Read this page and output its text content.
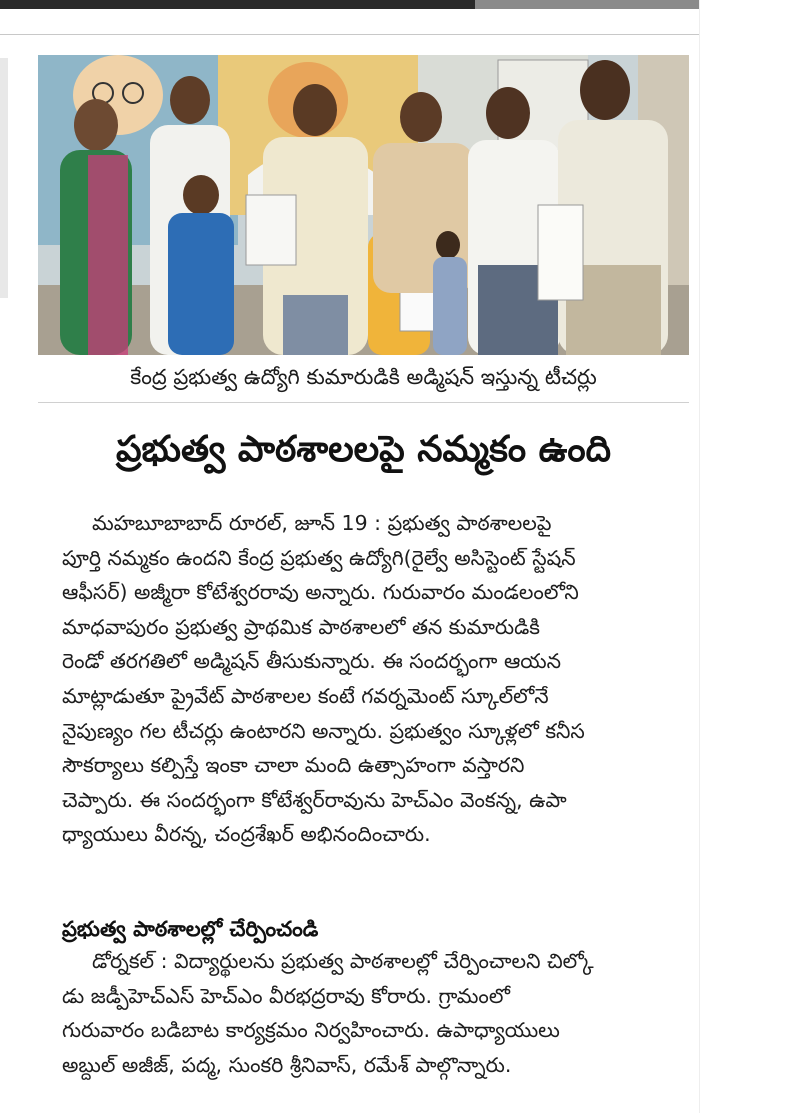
కేంద్ర ప్రభుత్వ ఉద్యోగి కుమారుడికి అడ్మిషన్ ఇస్తున్న టీచర్లు
ప్రభుత్వ పాఠశాలలపై నమ్మకం ఉంది
మహబూబాబాద్ రూరల్, జూన్ 19 : ప్రభుత్వ పాఠశాలలపై
పూర్తి నమ్మకం ఉందని కేంద్ర ప్రభుత్వ ఉద్యోగి(రైల్వే అసిస్టెంట్ స్టేషన్
ఆఫీసర్) అజ్మీరా కోటేశ్వరరావు అన్నారు. గురువారం మండలంలోని
మాధవాపురం ప్రభుత్వ ప్రాథమిక పాఠశాలలో తన కుమారుడికి
రెండో తరగతిలో అడ్మిషన్ తీసుకున్నారు. ఈ సందర్భంగా ఆయన
మాట్లాడుతూ ప్రైవేట్ పాఠశాలల కంటే గవర్నమెంట్ స్కూల్‌లోనే
నైపుణ్యం గల టీచర్లు ఉంటారని అన్నారు. ప్రభుత్వం స్కూళ్లలో కనీస
సౌకర్యాలు కల్పిస్తే ఇంకా చాలా మంది ఉత్సాహంగా వస్తారని
చెప్పారు. ఈ సందర్భంగా కోటేశ్వర్‌రావును హెచ్ఎం వెంకన్న, ఉపా
ధ్యాయులు వీరన్న, చంద్రశేఖర్ అభినందించారు.
ప్రభుత్వ పాఠశాలల్లో చేర్పించండి
డోర్నకల్ : విద్యార్థులను ప్రభుత్వ పాఠశాలల్లో చేర్పించాలని చిల్కో
డు జడ్పీహెచ్ఎస్ హెచ్ఎం వీరభద్రరావు కోరారు. గ్రామంలో
గురువారం బడిబాట కార్యక్రమం నిర్వహించారు. ఉపాధ్యాయులు
అబ్దుల్ అజీజ్, పద్మ, సుంకరి శ్రీనివాస్, రమేశ్ పాల్గొన్నారు.
